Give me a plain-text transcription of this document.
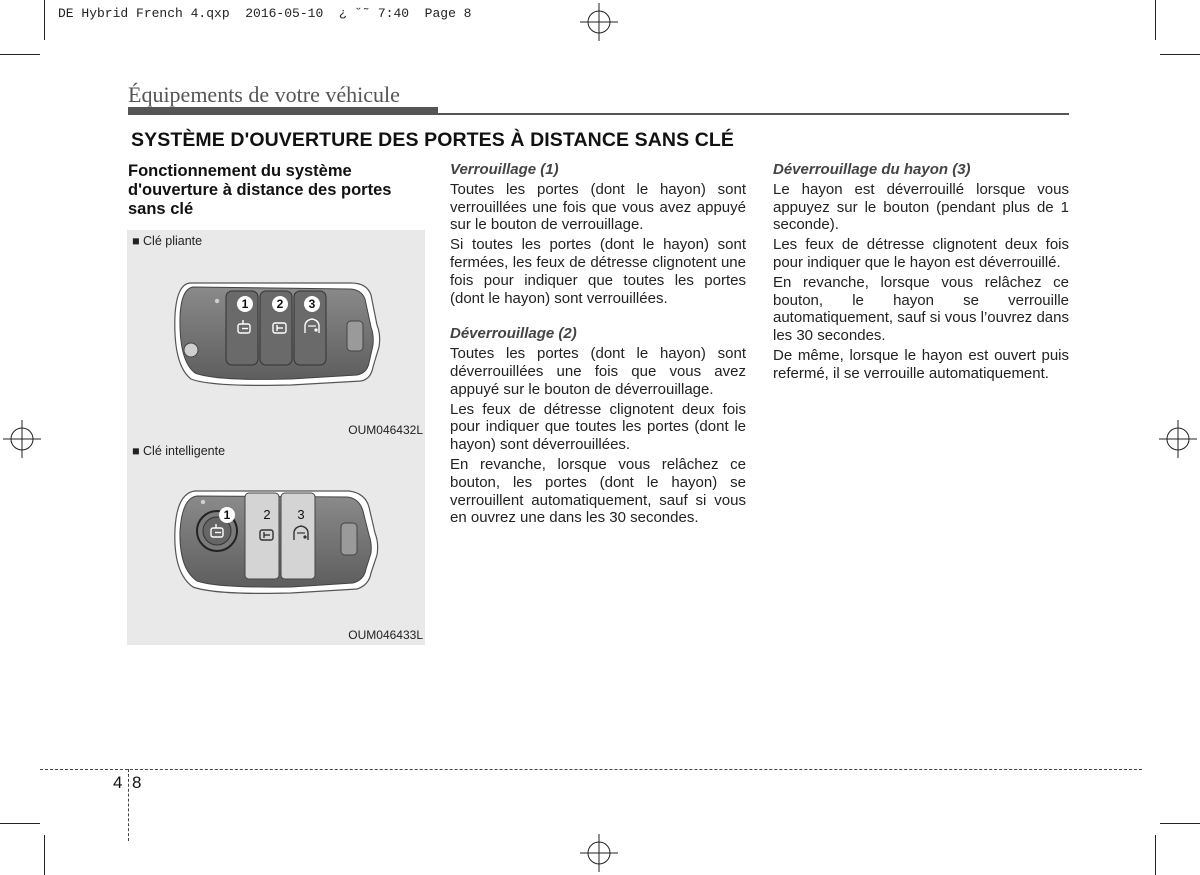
DE Hybrid French 4.qxp  2016-05-10  ¿ ˘˜ 7:40  Page 8
Équipements de votre véhicule
SYSTÈME D'OUVERTURE DES PORTES À DISTANCE SANS CLÉ
Fonctionnement du système d'ouverture à distance des portes sans clé
■ Clé pliante
1	2	3
OUM046432L
■ Clé intelligente
1	2	3
OUM046433L

Verrouillage (1)

Toutes les portes (dont le hayon) sont verrouillées une fois que vous avez appuyé sur le bouton de verrouillage.

Si toutes les portes (dont le hayon) sont fermées, les feux de détresse clignotent une fois pour indiquer que toutes les portes (dont le hayon) sont verrouillées.

Déverrouillage (2)

Toutes les portes (dont le hayon) sont déverrouillées une fois que vous avez appuyé sur le bouton de déverrouillage.

Les feux de détresse clignotent deux fois pour indiquer que toutes les portes (dont le hayon) sont déverrouillées.

En revanche, lorsque vous relâchez ce bouton, les portes (dont le hayon) se verrouillent automatiquement, sauf si vous en ouvrez une dans les 30 secondes.

Déverrouillage du hayon (3)

Le hayon est déverrouillé lorsque vous appuyez sur le bouton (pendant plus de 1 seconde).

Les feux de détresse clignotent deux fois pour indiquer que le hayon est déverrouillé.

En revanche, lorsque vous relâchez ce bouton, le hayon se verrouille automatiquement, sauf si vous l’ouvrez dans les 30 secondes.

De même, lorsque le hayon est ouvert puis refermé, il se verrouille automatiquement.

4 8
